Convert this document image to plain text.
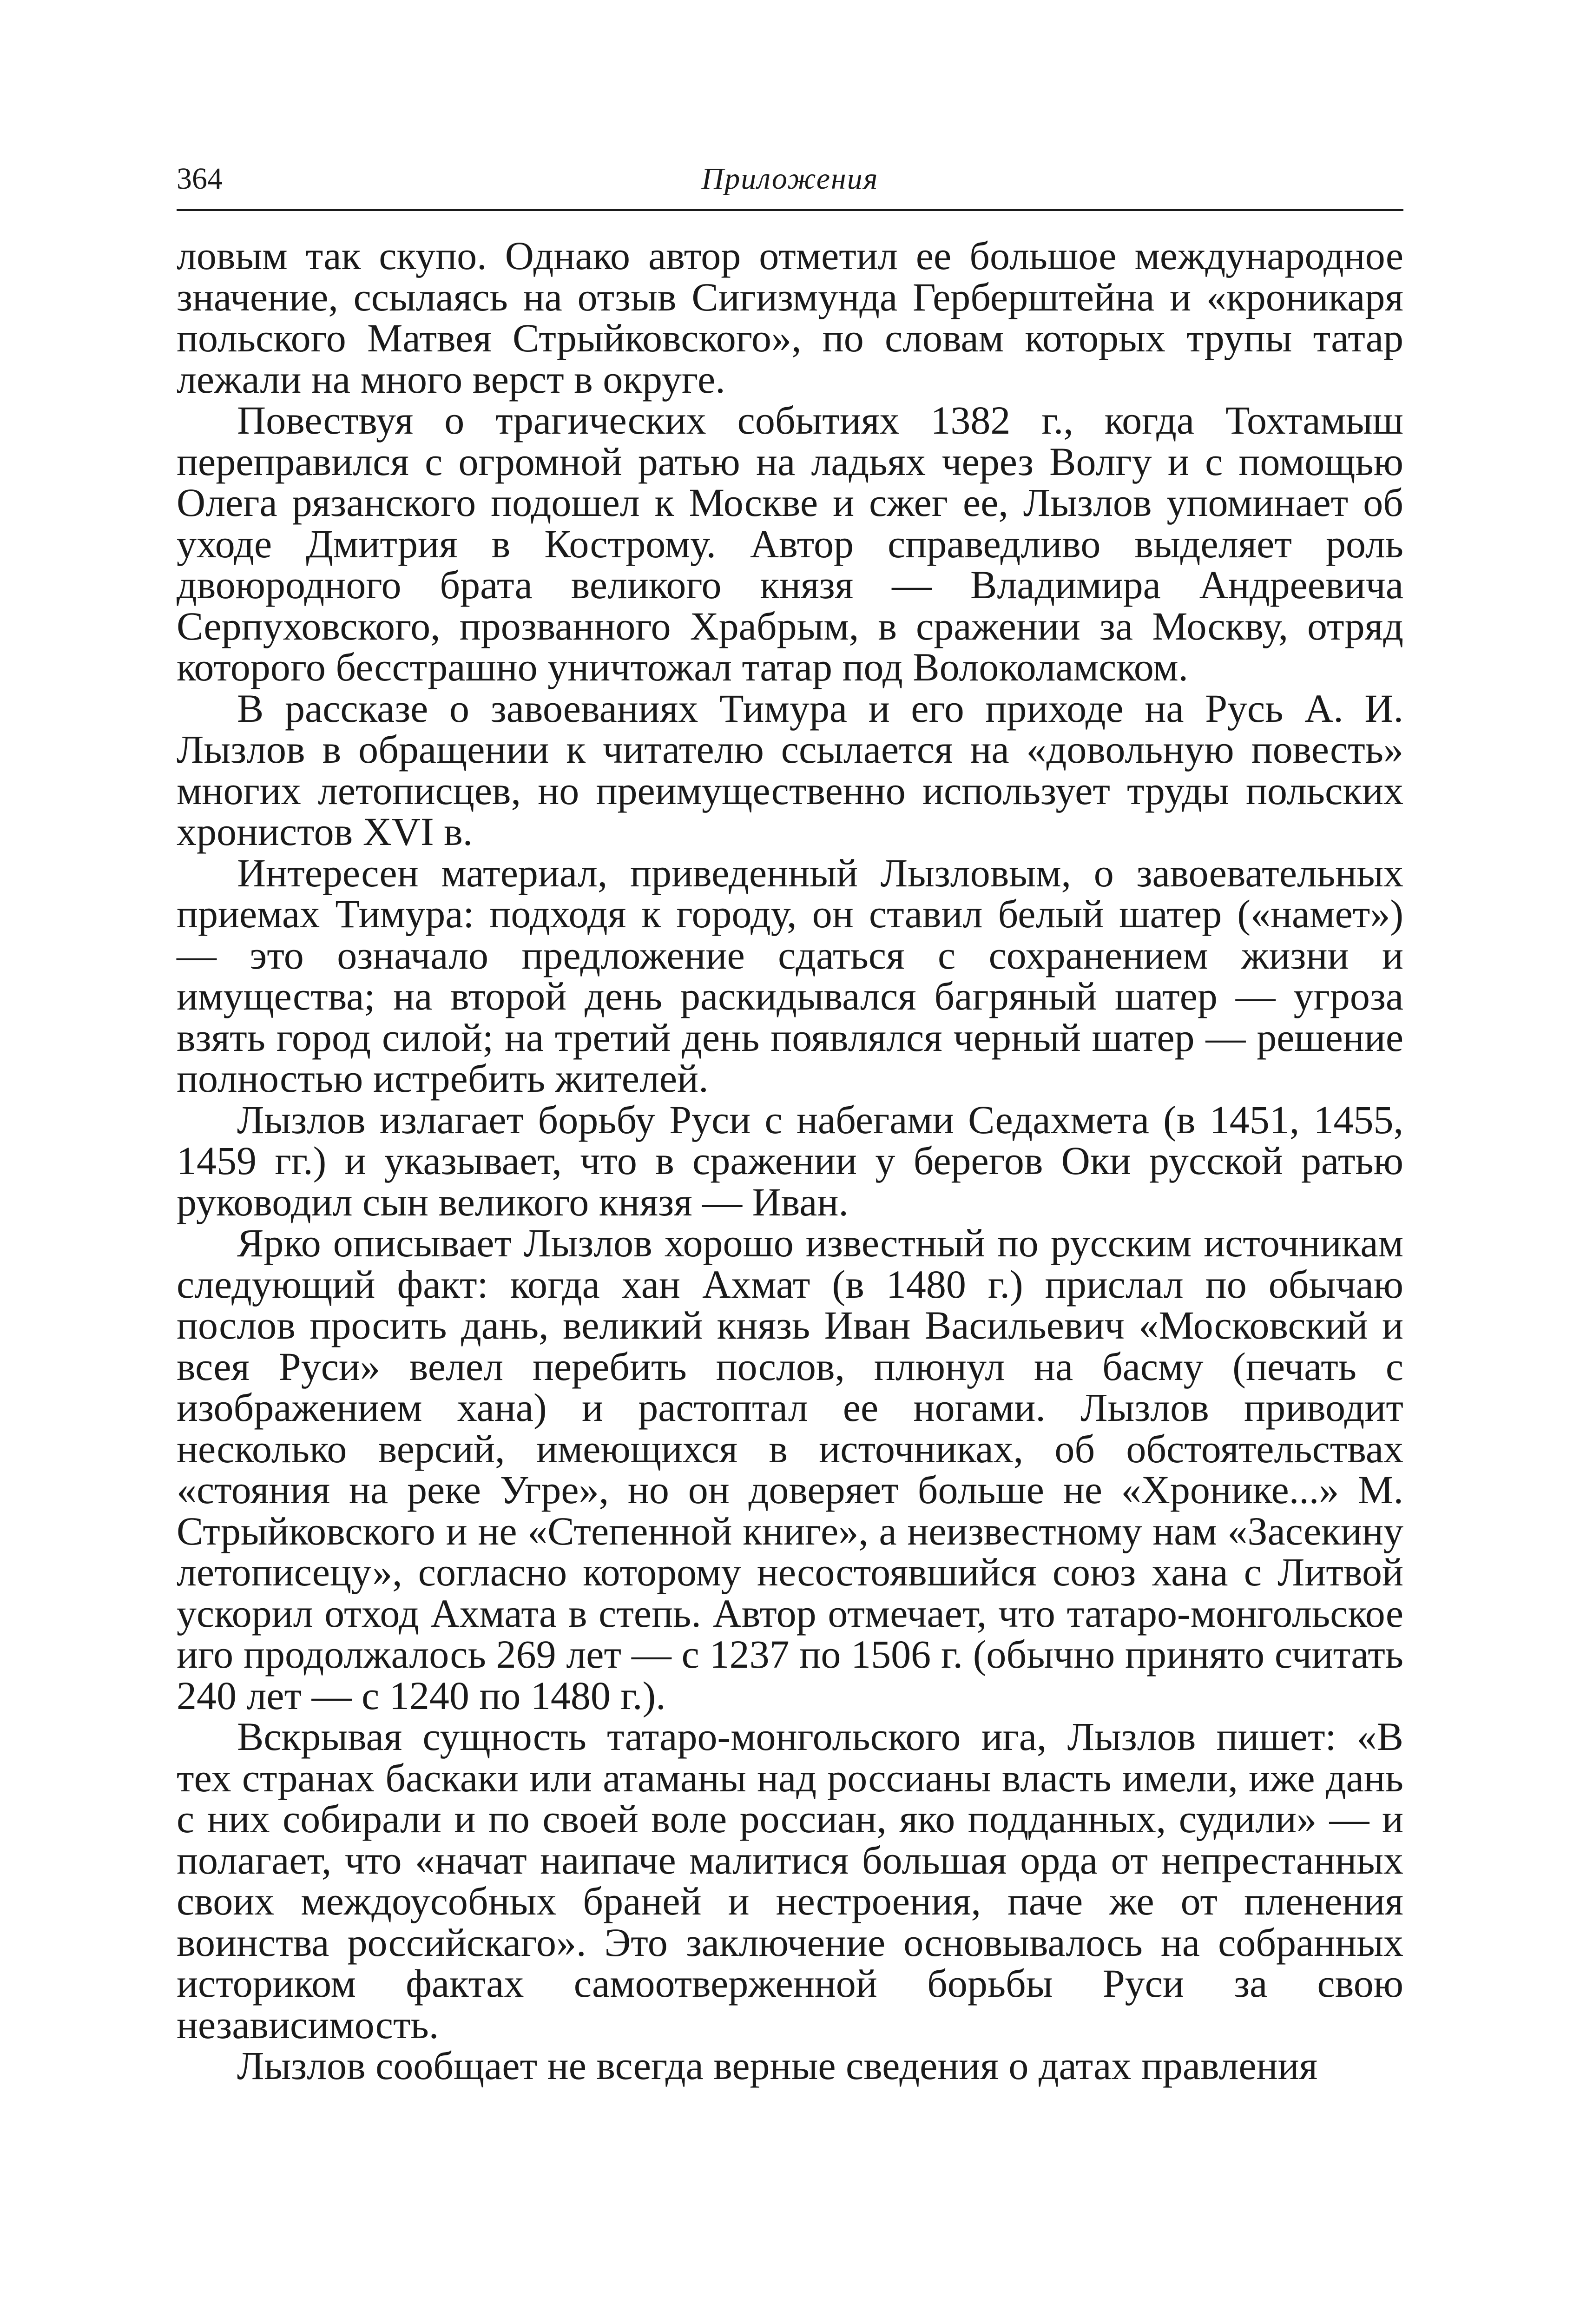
364	Приложения

ловым так скупо. Однако автор отметил ее большое международное значение, ссылаясь на отзыв Сигизмунда Герберштейна и «кроникаря польского Матвея Стрыйковского», по словам которых трупы татар лежали на много верст в округе.

Повествуя о трагических событиях 1382 г., когда Тохтамыш переправился с огромной ратью на ладьях через Волгу и с помощью Олега рязанского подошел к Москве и сжег ее, Лызлов упоминает об уходе Дмитрия в Кострому. Автор справедливо выделяет роль двоюродного брата великого князя — Владимира Андреевича Серпуховского, прозванного Храбрым, в сражении за Москву, отряд которого бесстрашно уничтожал татар под Волоколамском.

В рассказе о завоеваниях Тимура и его приходе на Русь А. И. Лызлов в обращении к читателю ссылается на «довольную повесть» многих летописцев, но преимущественно использует труды польских хронистов XVI в.

Интересен материал, приведенный Лызловым, о завоевательных приемах Тимура: подходя к городу, он ставил белый шатер («намет») — это означало предложение сдаться с сохранением жизни и имущества; на второй день раскидывался багряный шатер — угроза взять город силой; на третий день появлялся черный шатер — решение полностью истребить жителей.

Лызлов излагает борьбу Руси с набегами Седахмета (в 1451, 1455, 1459 гг.) и указывает, что в сражении у берегов Оки русской ратью руководил сын великого князя — Иван.

Ярко описывает Лызлов хорошо известный по русским источникам следующий факт: когда хан Ахмат (в 1480 г.) прислал по обычаю послов просить дань, великий князь Иван Васильевич «Московский и всея Руси» велел перебить послов, плюнул на басму (печать с изображением хана) и растоптал ее ногами. Лызлов приводит несколько версий, имеющихся в источниках, об обстоятельствах «стояния на реке Угре», но он доверяет больше не «Хронике...» М. Стрыйковского и не «Степенной книге», а неизвестному нам «Засекину летописецу», согласно которому несостоявшийся союз хана с Литвой ускорил отход Ахмата в степь. Автор отмечает, что татаро-монгольское иго продолжалось 269 лет — с 1237 по 1506 г. (обычно принято считать 240 лет — с 1240 по 1480 г.).

Вскрывая сущность татаро-монгольского ига, Лызлов пишет: «В тех странах баскаки или атаманы над россианы власть имели, иже дань с них собирали и по своей воле россиан, яко подданных, судили» — и полагает, что «начат наипаче малитися большая орда от непрестанных своих междоусобных браней и нестроения, паче же от пленения воинства российскаго». Это заключение основывалось на собранных историком фактах самоотверженной борьбы Руси за свою независимость.

Лызлов сообщает не всегда верные сведения о датах правления
